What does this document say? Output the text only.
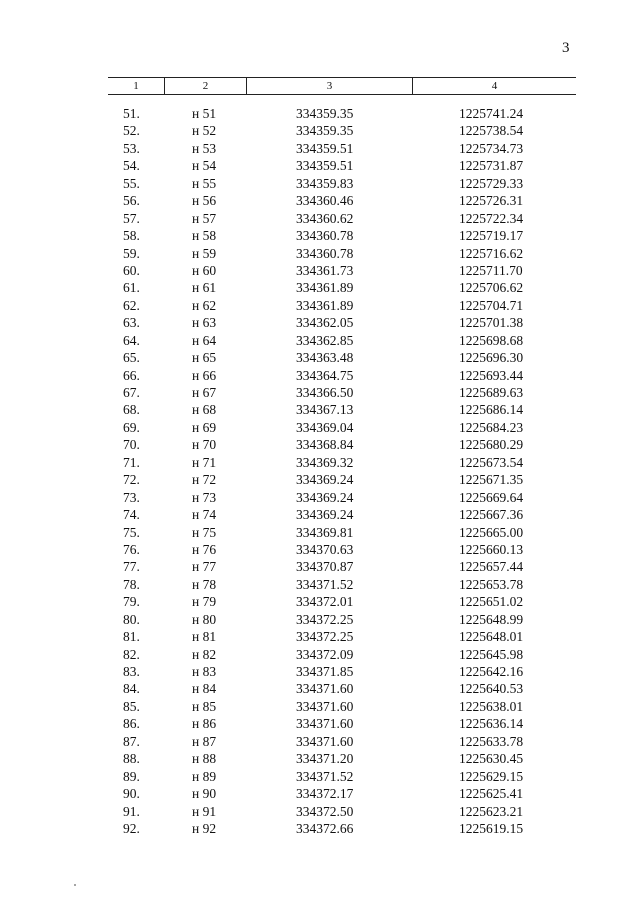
3
1	2	3	4
51.	н 51	334359.35	1225741.24
52.	н 52	334359.35	1225738.54
53.	н 53	334359.51	1225734.73
54.	н 54	334359.51	1225731.87
55.	н 55	334359.83	1225729.33
56.	н 56	334360.46	1225726.31
57.	н 57	334360.62	1225722.34
58.	н 58	334360.78	1225719.17
59.	н 59	334360.78	1225716.62
60.	н 60	334361.73	1225711.70
61.	н 61	334361.89	1225706.62
62.	н 62	334361.89	1225704.71
63.	н 63	334362.05	1225701.38
64.	н 64	334362.85	1225698.68
65.	н 65	334363.48	1225696.30
66.	н 66	334364.75	1225693.44
67.	н 67	334366.50	1225689.63
68.	н 68	334367.13	1225686.14
69.	н 69	334369.04	1225684.23
70.	н 70	334368.84	1225680.29
71.	н 71	334369.32	1225673.54
72.	н 72	334369.24	1225671.35
73.	н 73	334369.24	1225669.64
74.	н 74	334369.24	1225667.36
75.	н 75	334369.81	1225665.00
76.	н 76	334370.63	1225660.13
77.	н 77	334370.87	1225657.44
78.	н 78	334371.52	1225653.78
79.	н 79	334372.01	1225651.02
80.	н 80	334372.25	1225648.99
81.	н 81	334372.25	1225648.01
82.	н 82	334372.09	1225645.98
83.	н 83	334371.85	1225642.16
84.	н 84	334371.60	1225640.53
85.	н 85	334371.60	1225638.01
86.	н 86	334371.60	1225636.14
87.	н 87	334371.60	1225633.78
88.	н 88	334371.20	1225630.45
89.	н 89	334371.52	1225629.15
90.	н 90	334372.17	1225625.41
91.	н 91	334372.50	1225623.21
92.	н 92	334372.66	1225619.15
